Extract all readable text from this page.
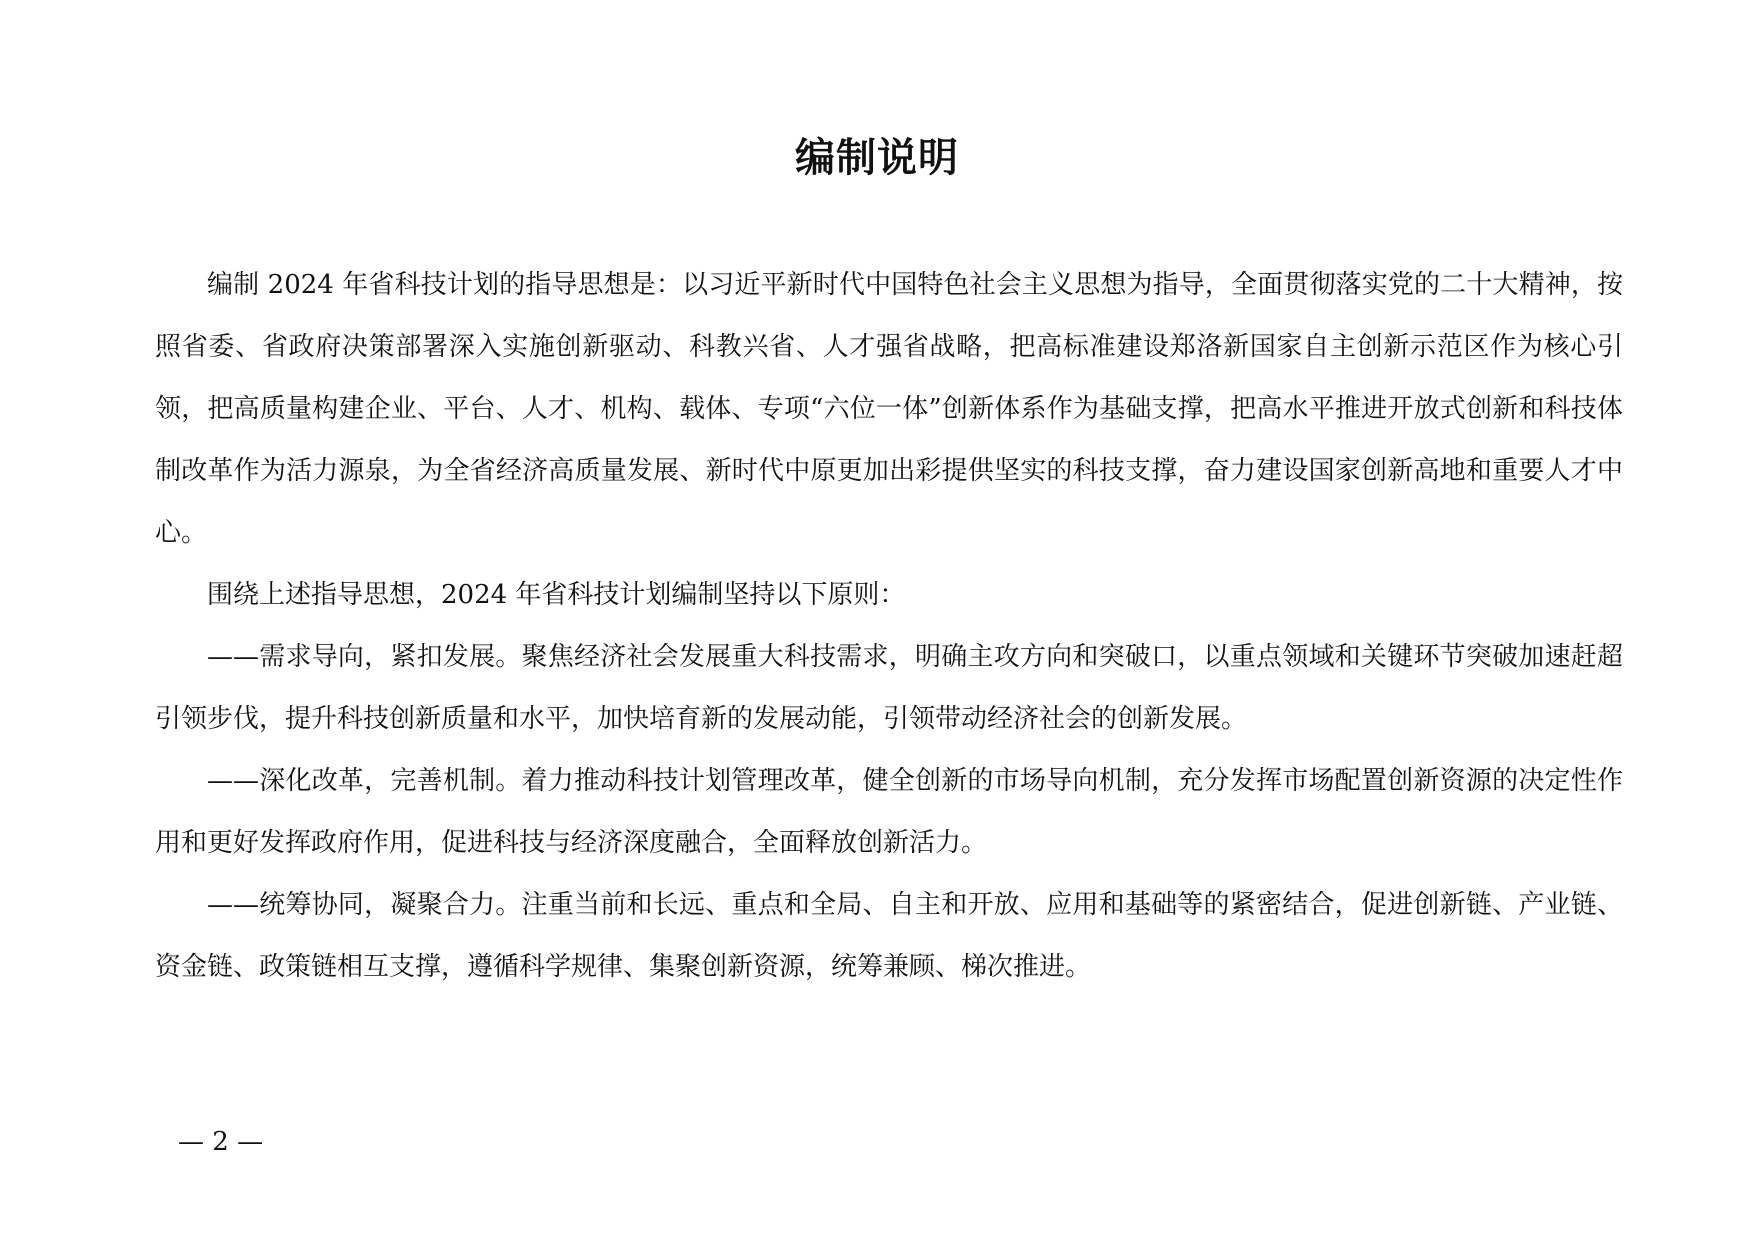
编制说明

编制 2024 年省科技计划的指导思想是：以习近平新时代中国特色社会主义思想为指导，全面贯彻落实党的二十大精神，按照省委、省政府决策部署深入实施创新驱动、科教兴省、人才强省战略，把高标准建设郑洛新国家自主创新示范区作为核心引领，把高质量构建企业、平台、人才、机构、载体、专项“六位一体”创新体系作为基础支撑，把高水平推进开放式创新和科技体制改革作为活力源泉，为全省经济高质量发展、新时代中原更加出彩提供坚实的科技支撑，奋力建设国家创新高地和重要人才中心。

围绕上述指导思想，2024 年省科技计划编制坚持以下原则：

——需求导向，紧扣发展。聚焦经济社会发展重大科技需求，明确主攻方向和突破口，以重点领域和关键环节突破加速赶超引领步伐，提升科技创新质量和水平，加快培育新的发展动能，引领带动经济社会的创新发展。

——深化改革，完善机制。着力推动科技计划管理改革，健全创新的市场导向机制，充分发挥市场配置创新资源的决定性作用和更好发挥政府作用，促进科技与经济深度融合，全面释放创新活力。

——统筹协同，凝聚合力。注重当前和长远、重点和全局、自主和开放、应用和基础等的紧密结合，促进创新链、产业链、资金链、政策链相互支撑，遵循科学规律、集聚创新资源，统筹兼顾、梯次推进。

— 2 —
